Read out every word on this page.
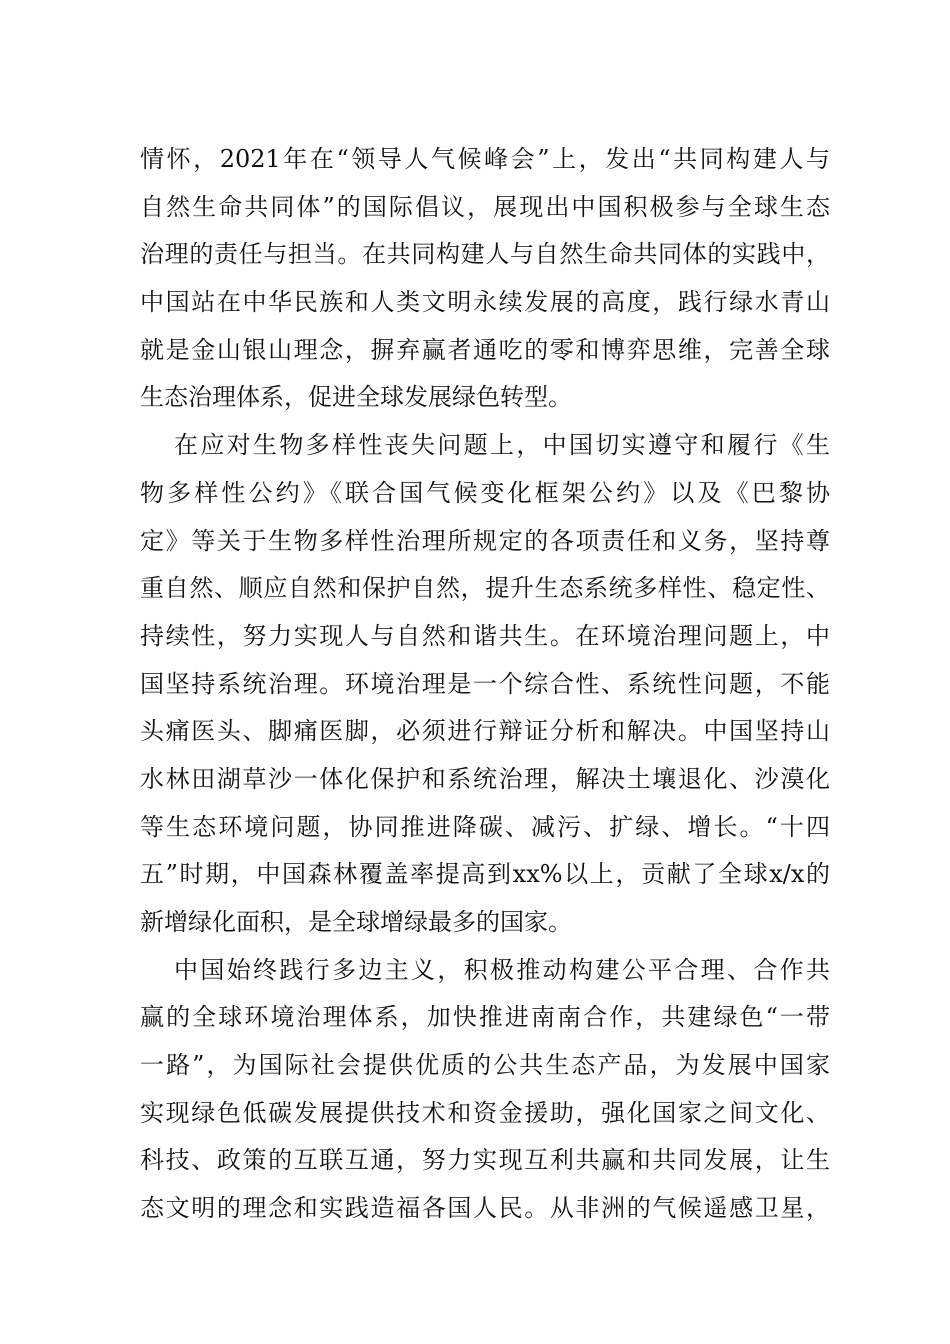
情怀，2021年在“领导人气候峰会”上，发出“共同构建人与
自然生命共同体”的国际倡议，展现出中国积极参与全球生态
治理的责任与担当。在共同构建人与自然生命共同体的实践中，
中国站在中华民族和人类文明永续发展的高度，践行绿水青山
就是金山银山理念，摒弃赢者通吃的零和博弈思维，完善全球
生态治理体系，促进全球发展绿色转型。
在应对生物多样性丧失问题上，中国切实遵守和履行《生
物多样性公约》《联合国气候变化框架公约》以及《巴黎协
定》等关于生物多样性治理所规定的各项责任和义务，坚持尊
重自然、顺应自然和保护自然，提升生态系统多样性、稳定性、
持续性，努力实现人与自然和谐共生。在环境治理问题上，中
国坚持系统治理。环境治理是一个综合性、系统性问题，不能
头痛医头、脚痛医脚，必须进行辩证分析和解决。中国坚持山
水林田湖草沙一体化保护和系统治理，解决土壤退化、沙漠化
等生态环境问题，协同推进降碳、减污、扩绿、增长。“十四
五”时期，中国森林覆盖率提高到xx%以上，贡献了全球x/x的
新增绿化面积，是全球增绿最多的国家。
中国始终践行多边主义，积极推动构建公平合理、合作共
赢的全球环境治理体系，加快推进南南合作，共建绿色“一带
一路”，为国际社会提供优质的公共生态产品，为发展中国家
实现绿色低碳发展提供技术和资金援助，强化国家之间文化、
科技、政策的互联互通，努力实现互利共赢和共同发展，让生
态文明的理念和实践造福各国人民。从非洲的气候遥感卫星，
